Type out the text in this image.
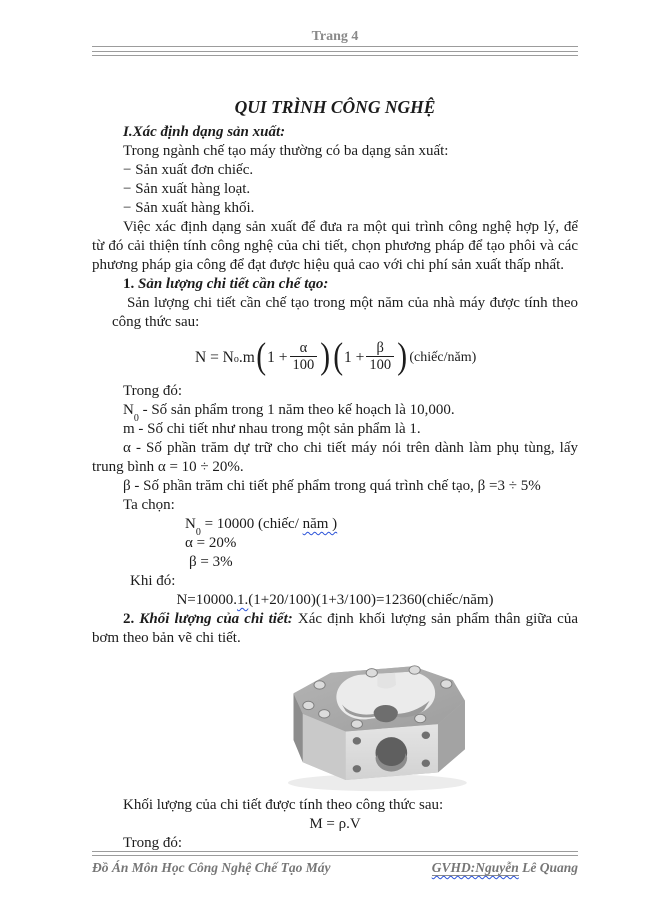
Trang 4
QUI TRÌNH CÔNG NGHỆ
I.Xác định dạng sản xuất:

Trong ngành chế tạo máy thường có ba dạng sản xuất:

− Sản xuất đơn chiếc.

− Sản xuất hàng loạt.

− Sản xuất hàng khối.

Việc xác định dạng sản xuất để đưa ra một qui trình công nghệ hợp lý, để từ đó cải thiện tính công nghệ của chi tiết, chọn phương pháp để tạo phôi và các phương pháp gia công để đạt được hiệu quả cao với chi phí sản xuất thấp nhất.

1. Sản lượng chi tiết cần chế tạo:

Sản lượng chi tiết cần chế tạo trong một năm của nhà máy được tính theo công thức sau:

$N = N_o$ .m ( $1 + \frac{\alpha}{100}$ ) ( $1 + \frac{\beta}{100}$ ) (chiếc/năm)

Trong đó:

$N_0$ - Số sản phẩm trong 1 năm theo kế hoạch là 10,000.

m - Số chi tiết như nhau trong một sản phẩm là 1.

α - Số phần trăm dự trữ cho chi tiết máy nói trên dành làm phụ tùng, lấy trung bình α = 10 ÷ 20%.

β - Số phần trăm chi tiết phế phẩm trong quá trình chế tạo, β =3 ÷ 5%

Ta chọn:

$N_0 = 10000$ (chiếc/ năm )

α = 20%

β = 3%

Khi đó:

N=10000.1.(1+20/100)(1+3/100)=12360(chiếc/năm)

2. Khối lượng của chi tiết: Xác định khối lượng sản phẩm thân giữa của bơm theo bản vẽ chi tiết.

Khối lượng của chi tiết được tính theo công thức sau:

M = ρ.V

Trong đó:

Đồ Án Môn Học Công Nghệ Chế Tạo Máy	GVHD:Nguyễn Lê Quang
